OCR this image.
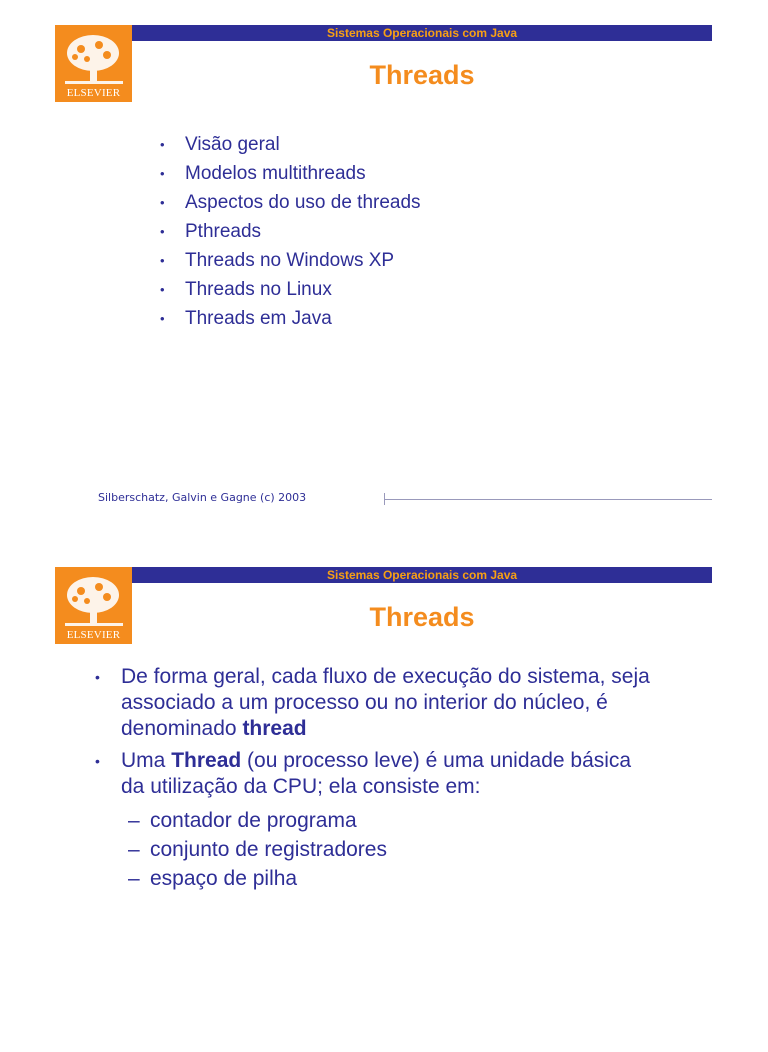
ELSEVIER
Sistemas Operacionais com Java
Threads
• Visão geral
• Modelos multithreads
• Aspectos do uso de threads
• Pthreads
• Threads no Windows XP
• Threads no Linux
• Threads em Java
Silberschatz, Galvin e Gagne (c) 2003
ELSEVIER
Sistemas Operacionais com Java
Threads
• De forma geral, cada fluxo de execução do sistema, seja
associado a um processo ou no interior do núcleo, é
denominado thread
• Uma Thread (ou processo leve) é uma unidade básica
da utilização da CPU; ela consiste em:
– contador de programa
– conjunto de registradores
– espaço de pilha
